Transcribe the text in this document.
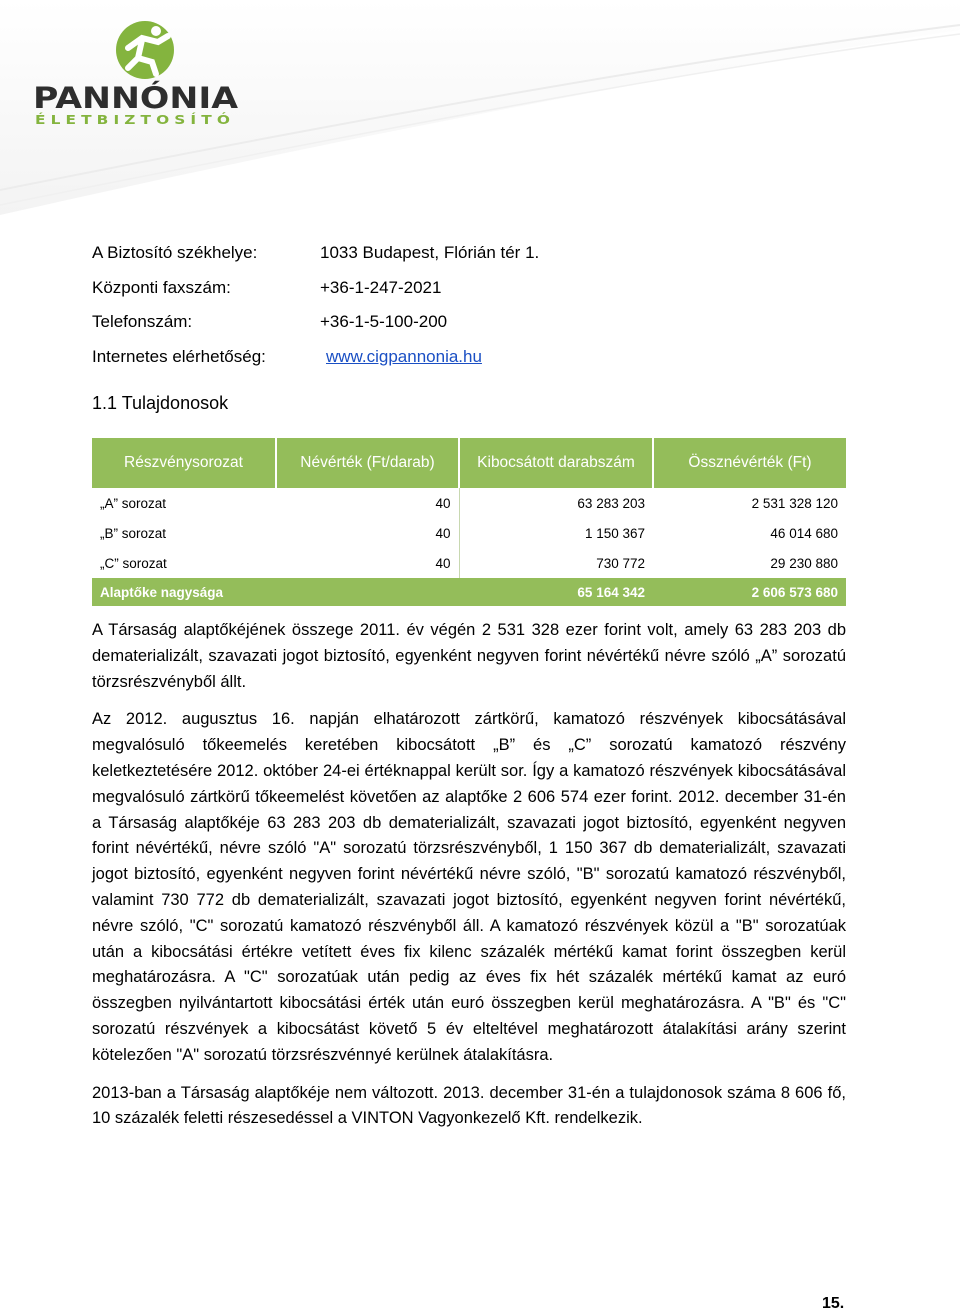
PANNÓNIA
ÉLETBIZTOSÍTÓ
A Biztosító székhelye:	1033 Budapest, Flórián tér 1.
Központi faxszám:	+36-1-247-2021
Telefonszám:	+36-1-5-100-200
Internetes elérhetőség:	www.cigpannonia.hu
1.1 Tulajdonosok
Részvénysorozat	Névérték (Ft/darab)	Kibocsátott darabszám	Össznévérték (Ft)
„A” sorozat	40	63 283 203	2 531 328 120
„B” sorozat	40	1 150 367	46 014 680
„C” sorozat	40	730 772	29 230 880
Alaptőke nagysága		65 164 342	2 606 573 680

A Társaság alaptőkéjének összege 2011. év végén 2 531 328 ezer forint volt, amely 63 283 203 db dematerializált, szavazati jogot biztosító, egyenként negyven forint névértékű névre szóló „A” sorozatú törzsrészvényből állt.

Az 2012. augusztus 16. napján elhatározott zártkörű, kamatozó részvények kibocsátásával megvalósuló tőkeemelés keretében kibocsátott „B” és „C” sorozatú kamatozó részvény keletkeztetésére 2012. október 24-ei értéknappal került sor. Így a kamatozó részvények kibocsátásával megvalósuló zártkörű tőkeemelést követően az alaptőke 2 606 574 ezer forint. 2012. december 31-én a Társaság alaptőkéje 63 283 203 db dematerializált, szavazati jogot biztosító, egyenként negyven forint névértékű, névre szóló "A" sorozatú törzsrészvényből, 1 150 367 db dematerializált, szavazati jogot biztosító, egyenként negyven forint névértékű névre szóló, "B" sorozatú kamatozó részvényből, valamint 730 772 db dematerializált, szavazati jogot biztosító, egyenként negyven forint névértékű, névre szóló, "C" sorozatú kamatozó részvényből áll. A kamatozó részvények közül a "B" sorozatúak után a kibocsátási értékre vetített éves fix kilenc százalék mértékű kamat forint összegben kerül meghatározásra. A "C" sorozatúak után pedig az éves fix hét százalék mértékű kamat az euró összegben nyilvántartott kibocsátási érték után euró összegben kerül meghatározásra. A "B" és "C" sorozatú részvények a kibocsátást követő 5 év elteltével meghatározott átalakítási arány szerint kötelezően "A" sorozatú törzsrészvénnyé kerülnek átalakításra.

2013-ban a Társaság alaptőkéje nem változott. 2013. december 31-én a tulajdonosok száma 8 606 fő, 10 százalék feletti részesedéssel a VINTON Vagyonkezelő Kft. rendelkezik.

15.
